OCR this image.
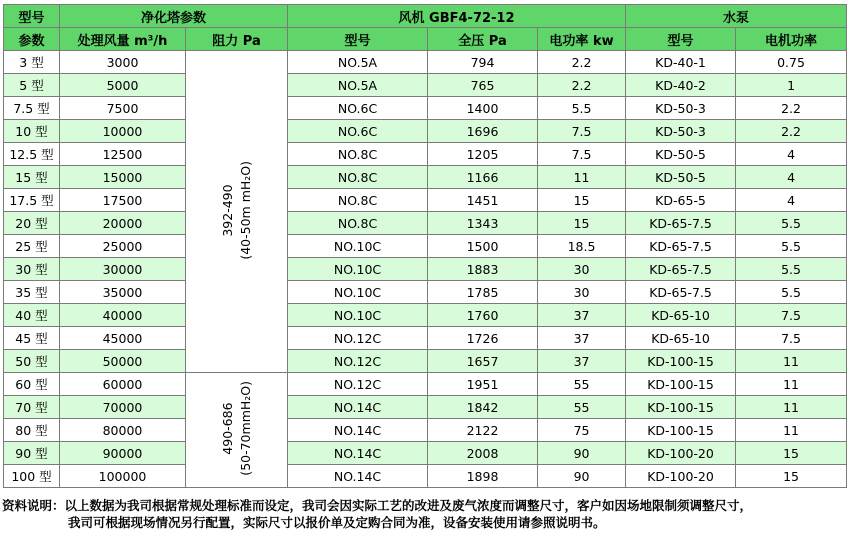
型号	净化塔参数		风机 GBF4-72-12			水泵	
参数	处理风量 m³/h	阻力 Pa	型号	全压 Pa	电功率 kw	型号	电机功率
3 型	3000	392-490 (40-50m mH₂O)	NO.5A	794	2.2	KD-40-1	0.75
5 型	5000		NO.5A	765	2.2	KD-40-2	1
7.5 型	7500		NO.6C	1400	5.5	KD-50-3	2.2
10 型	10000		NO.6C	1696	7.5	KD-50-3	2.2
12.5 型	12500		NO.8C	1205	7.5	KD-50-5	4
15 型	15000		NO.8C	1166	11	KD-50-5	4
17.5 型	17500		NO.8C	1451	15	KD-65-5	4
20 型	20000		NO.8C	1343	15	KD-65-7.5	5.5
25 型	25000		NO.10C	1500	18.5	KD-65-7.5	5.5
30 型	30000		NO.10C	1883	30	KD-65-7.5	5.5
35 型	35000		NO.10C	1785	30	KD-65-7.5	5.5
40 型	40000		NO.10C	1760	37	KD-65-10	7.5
45 型	45000		NO.12C	1726	37	KD-65-10	7.5
50 型	50000		NO.12C	1657	37	KD-100-15	11
60 型	60000	490-686 (50-70mmH₂O)	NO.12C	1951	55	KD-100-15	11
70 型	70000		NO.14C	1842	55	KD-100-15	11
80 型	80000		NO.14C	2122	75	KD-100-15	11
90 型	90000		NO.14C	2008	90	KD-100-20	15
100 型	100000		NO.14C	1898	90	KD-100-20	15
资料说明：以上数据为我司根据常规处理标准而设定，我司会因实际工艺的改进及废气浓度而调整尺寸，客户如因场地限制须调整尺寸，
我司可根据现场情况另行配置，实际尺寸以报价单及定购合同为准，设备安装使用请参照说明书。
